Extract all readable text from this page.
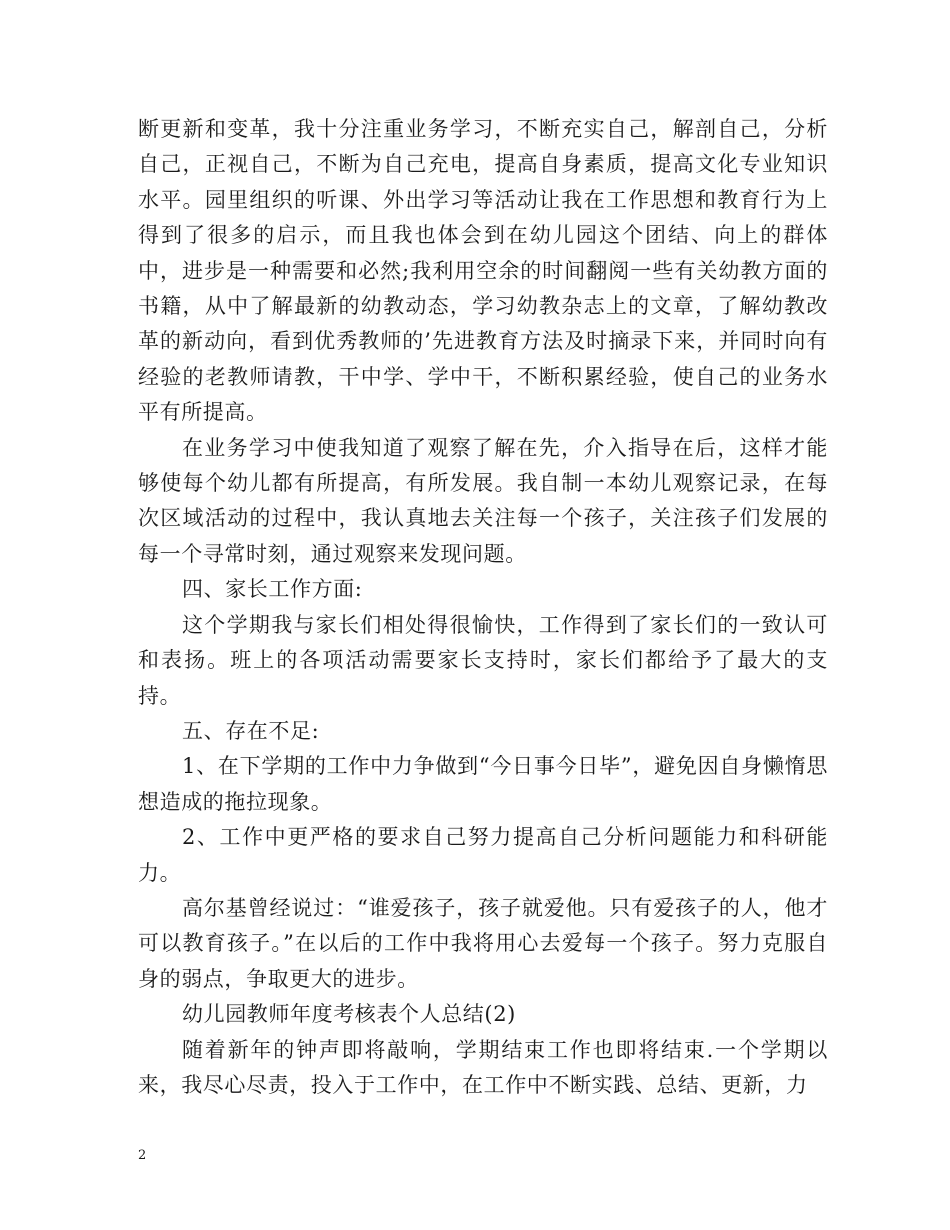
断更新和变革，我十分注重业务学习，不断充实自己，解剖自己，分析自己，正视自己，不断为自己充电，提高自身素质，提高文化专业知识水平。园里组织的听课、外出学习等活动让我在工作思想和教育行为上得到了很多的启示，而且我也体会到在幼儿园这个团结、向上的群体中，进步是一种需要和必然;我利用空余的时间翻阅一些有关幼教方面的书籍，从中了解最新的幼教动态，学习幼教杂志上的文章，了解幼教改革的新动向，看到优秀教师的’先进教育方法及时摘录下来，并同时向有经验的老教师请教，干中学、学中干，不断积累经验，使自己的业务水平有所提高。

在业务学习中使我知道了观察了解在先，介入指导在后，这样才能够使每个幼儿都有所提高，有所发展。我自制一本幼儿观察记录，在每次区域活动的过程中，我认真地去关注每一个孩子，关注孩子们发展的每一个寻常时刻，通过观察来发现问题。

四、家长工作方面:

这个学期我与家长们相处得很愉快，工作得到了家长们的一致认可和表扬。班上的各项活动需要家长支持时，家长们都给予了最大的支持。

五、存在不足:

1、在下学期的工作中力争做到“今日事今日毕”，避免因自身懒惰思想造成的拖拉现象。

2、工作中更严格的要求自己努力提高自己分析问题能力和科研能力。

高尔基曾经说过：“谁爱孩子，孩子就爱他。只有爱孩子的人，他才可以教育孩子。”在以后的工作中我将用心去爱每一个孩子。努力克服自身的弱点，争取更大的进步。

幼儿园教师年度考核表个人总结(2)

随着新年的钟声即将敲响，学期结束工作也即将结束.一个学期以来，我尽心尽责，投入于工作中，在工作中不断实践、总结、更新，力

2
